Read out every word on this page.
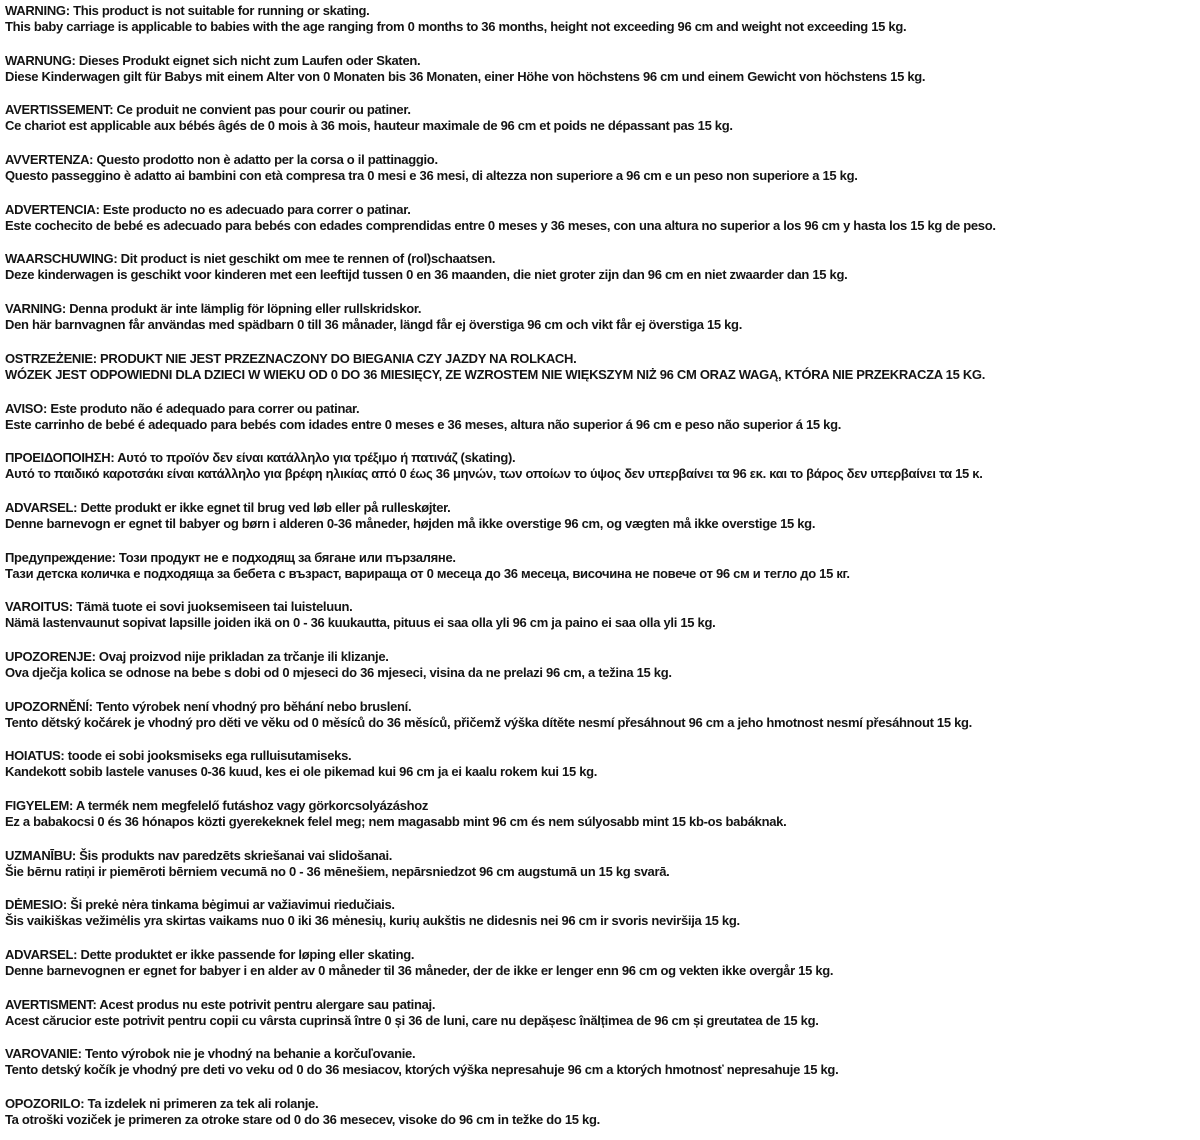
WARNING: This product is not suitable for running or skating.
This baby carriage is applicable to babies with the age ranging from 0 months to 36 months, height not exceeding 96 cm and weight not exceeding 15 kg.
WARNUNG: Dieses Produkt eignet sich nicht zum Laufen oder Skaten.
Diese Kinderwagen gilt für Babys mit einem Alter von 0 Monaten bis 36 Monaten, einer Höhe von höchstens 96 cm und einem Gewicht von höchstens 15 kg.
AVERTISSEMENT: Ce produit ne convient pas pour courir ou patiner.
Ce chariot est applicable aux bébés âgés de 0 mois à 36 mois, hauteur maximale de 96 cm et poids ne dépassant pas 15 kg.
AVVERTENZA: Questo prodotto non è adatto per la corsa o il pattinaggio.
Questo passeggino è adatto ai bambini con età compresa tra 0 mesi e 36 mesi, di altezza non superiore a 96 cm e un peso non superiore a 15 kg.
ADVERTENCIA: Este producto no es adecuado para correr o patinar.
Este cochecito de bebé es adecuado para bebés con edades comprendidas entre 0 meses y 36 meses, con una altura no superior a los 96 cm y hasta los 15 kg de peso.
WAARSCHUWING: Dit product is niet geschikt om mee te rennen of (rol)schaatsen.
Deze kinderwagen is geschikt voor kinderen met een leeftijd tussen 0 en 36 maanden, die niet groter zijn dan 96 cm en niet zwaarder dan 15 kg.
VARNING: Denna produkt är inte lämplig för löpning eller rullskridskor.
Den här barnvagnen får användas med spädbarn 0 till 36 månader, längd får ej överstiga 96 cm och vikt får ej överstiga 15 kg.
OSTRZEŻENIE: PRODUKT NIE JEST PRZEZNACZONY DO BIEGANIA CZY JAZDY NA ROLKACH.
WÓZEK JEST ODPOWIEDNI DLA DZIECI W WIEKU OD 0 DO 36 MIESIĘCY, ZE WZROSTEM NIE WIĘKSZYM NIŻ 96 CM ORAZ WAGĄ, KTÓRA NIE PRZEKRACZA 15 KG.
AVISO: Este produto não é adequado para correr ou patinar.
Este carrinho de bebé é adequado para bebés com idades entre 0 meses e 36 meses, altura não superior á 96 cm e peso não superior á 15 kg.
ΠΡΟΕΙΔΟΠΟΙΗΣΗ: Αυτό το προϊόν δεν είναι κατάλληλο για τρέξιμο ή πατινάζ (skating).
Αυτό το παιδικό καροτσάκι είναι κατάλληλο για βρέφη ηλικίας από 0 έως 36 μηνών, των οποίων το ύψος δεν υπερβαίνει τα 96 εκ. και το βάρος δεν υπερβαίνει τα 15 κ.
ADVARSEL: Dette produkt er ikke egnet til brug ved løb eller på rulleskøjter.
Denne barnevogn er egnet til babyer og børn i alderen 0-36 måneder, højden må ikke overstige 96 cm, og vægten må ikke overstige 15 kg.
Предупреждение: Този продукт не е подходящ за бягане или пързаляне.
Тази детска количка е подходяща за бебета с възраст, варираща от 0 месеца до 36 месеца, височина не повече от 96 см и тегло до 15 кг.
VAROITUS: Tämä tuote ei sovi juoksemiseen tai luisteluun.
Nämä lastenvaunut sopivat lapsille joiden ikä on 0 - 36 kuukautta, pituus ei saa olla yli 96 cm ja paino ei saa olla yli 15 kg.
UPOZORENJE: Ovaj proizvod nije prikladan za trčanje ili klizanje.
Ova dječja kolica se odnose na bebe s dobi od 0 mjeseci do 36 mjeseci, visina da ne prelazi 96 cm, a težina 15 kg.
UPOZORNĚNÍ: Tento výrobek není vhodný pro běhání nebo bruslení.
Tento dětský kočárek je vhodný pro děti ve věku od 0 měsíců do 36 měsíců, přičemž výška dítěte nesmí přesáhnout 96 cm a jeho hmotnost nesmí přesáhnout 15 kg.
HOIATUS: toode ei sobi jooksmiseks ega rulluisutamiseks.
Kandekott sobib lastele vanuses 0-36 kuud, kes ei ole pikemad kui 96 cm ja ei kaalu rokem kui 15 kg.
FIGYELEM: A termék nem megfelelő futáshoz vagy görkorcsolyázáshoz
Ez a babakocsi 0 és 36 hónapos közti gyerekeknek felel meg; nem magasabb mint 96 cm és nem súlyosabb mint 15 kb-os babáknak.
UZMANĪBU: Šis produkts nav paredzēts skriešanai vai slidošanai.
Šie bērnu ratiņi ir piemēroti bērniem vecumā no 0 - 36 mēnešiem, nepārsniedzot 96 cm augstumā un 15 kg svarā.
DĖMESIO: Ši prekė nėra tinkama bėgimui ar važiavimui riedučiais.
Šis vaikiškas vežimėlis yra skirtas vaikams nuo 0 iki 36 mėnesių, kurių aukštis ne didesnis nei 96 cm ir svoris neviršija 15 kg.
ADVARSEL: Dette produktet er ikke passende for løping eller skating.
Denne barnevognen er egnet for babyer i en alder av 0 måneder til 36 måneder, der de ikke er lenger enn 96 cm og vekten ikke overgår 15 kg.
AVERTISMENT: Acest produs nu este potrivit pentru alergare sau patinaj.
Acest cărucior este potrivit pentru copii cu vârsta cuprinsă între 0 și 36 de luni, care nu depășesc înălțimea de 96 cm și greutatea de 15 kg.
VAROVANIE: Tento výrobok nie je vhodný na behanie a korčuľovanie.
Tento detský kočík je vhodný pre deti vo veku od 0 do 36 mesiacov, ktorých výška nepresahuje 96 cm a ktorých hmotnosť nepresahuje 15 kg.
OPOZORILO: Ta izdelek ni primeren za tek ali rolanje.
Ta otroški voziček je primeren za otroke stare od 0 do 36 mesecev, visoke do 96 cm in težke do 15 kg.
